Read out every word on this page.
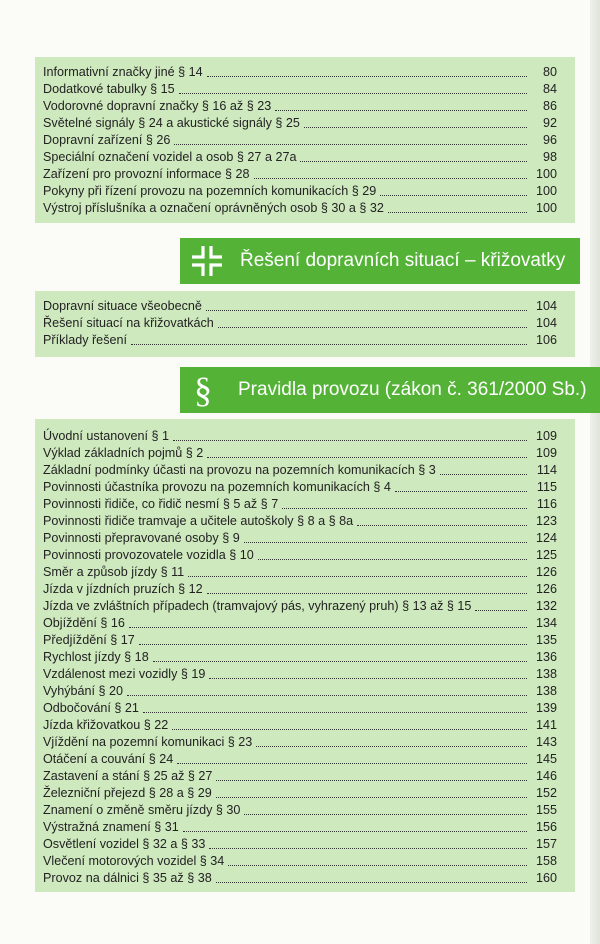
Informativní značky jiné § 14	80
Dodatkové tabulky § 15	84
Vodorovné dopravní značky § 16 až § 23	86
Světelné signály § 24 a akustické signály § 25	92
Dopravní zařízení § 26	96
Speciální označení vozidel a osob § 27 a 27a	98
Zařízení pro provozní informace § 28	100
Pokyny při řízení provozu na pozemních komunikacích § 29	100
Výstroj příslušníka a označení oprávněných osob § 30 a § 32	100
Řešení dopravních situací – křižovatky
Dopravní situace všeobecně	104
Řešení situací na křižovatkách	104
Příklady řešení	106
§ Pravidla provozu (zákon č. 361/2000 Sb.)
Úvodní ustanovení § 1	109
Výklad základních pojmů § 2	109
Základní podmínky účasti na provozu na pozemních komunikacích § 3	114
Povinnosti účastníka provozu na pozemních komunikacích § 4	115
Povinnosti řidiče, co řidič nesmí § 5 až § 7	116
Povinnosti řidiče tramvaje a učitele autoškoly § 8 a § 8a	123
Povinnosti přepravované osoby § 9	124
Povinnosti provozovatele vozidla § 10	125
Směr a způsob jízdy § 11	126
Jízda v jízdních pruzích § 12	126
Jízda ve zvláštních případech (tramvajový pás, vyhrazený pruh) § 13 až § 15	132
Objíždění § 16	134
Předjíždění § 17	135
Rychlost jízdy § 18	136
Vzdálenost mezi vozidly § 19	138
Vyhýbání § 20	138
Odbočování § 21	139
Jízda křižovatkou § 22	141
Vjíždění na pozemní komunikaci § 23	143
Otáčení a couvání § 24	145
Zastavení a stání § 25 až § 27	146
Železniční přejezd § 28 a § 29	152
Znamení o změně směru jízdy § 30	155
Výstražná znamení § 31	156
Osvětlení vozidel § 32 a § 33	157
Vlečení motorových vozidel § 34	158
Provoz na dálnici § 35 až § 38	160
